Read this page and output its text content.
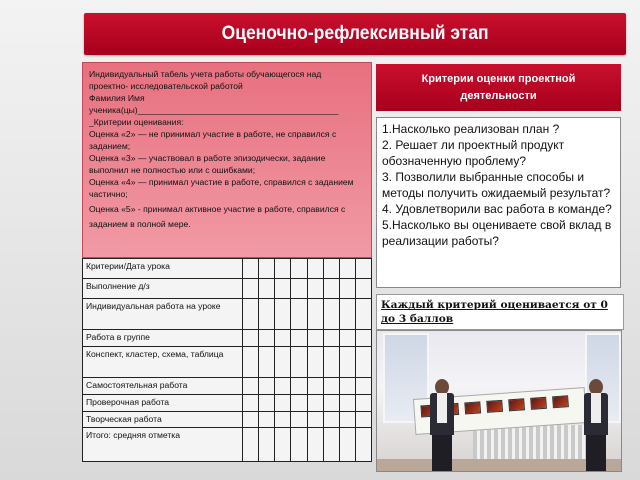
Оценочно-рефлексивный этап
Индивидуальный табель учета работы обучающегося над
проектно- исследовательской работой
Фамилия Имя
ученика(цы)__________________________________________
_Критерии оценивания:
Оценка «2» — не принимал участие в работе, не справился с заданием;
Оценка «3» — участвовал в работе эпизодически, задание выполнил не полностью или с ошибками;
Оценка «4» — принимал участие в работе, справился с заданием частично;
Оценка «5» - принимал активное участие в работе, справился с заданием в полной мере.
Критерии/Дата урока								
Выполнение д/з								
Индивидуальная работа на уроке								
Работа в группе								
Конспект, кластер, схема, таблица								
Самостоятельная работа								
Проверочная работа								
Творческая работа								
Итого: средняя отметка								
Критерии оценки проектной деятельности
1.Насколько реализован план ?
2. Решает ли проектный продукт обозначенную проблему?
3. Позволили выбранные способы и методы получить ожидаемый результат?
4. Удовлетворили вас работа в команде?
5.Насколько вы оцениваете свой вклад в реализации работы?
Каждый критерий оценивается от 0 до 3 баллов
